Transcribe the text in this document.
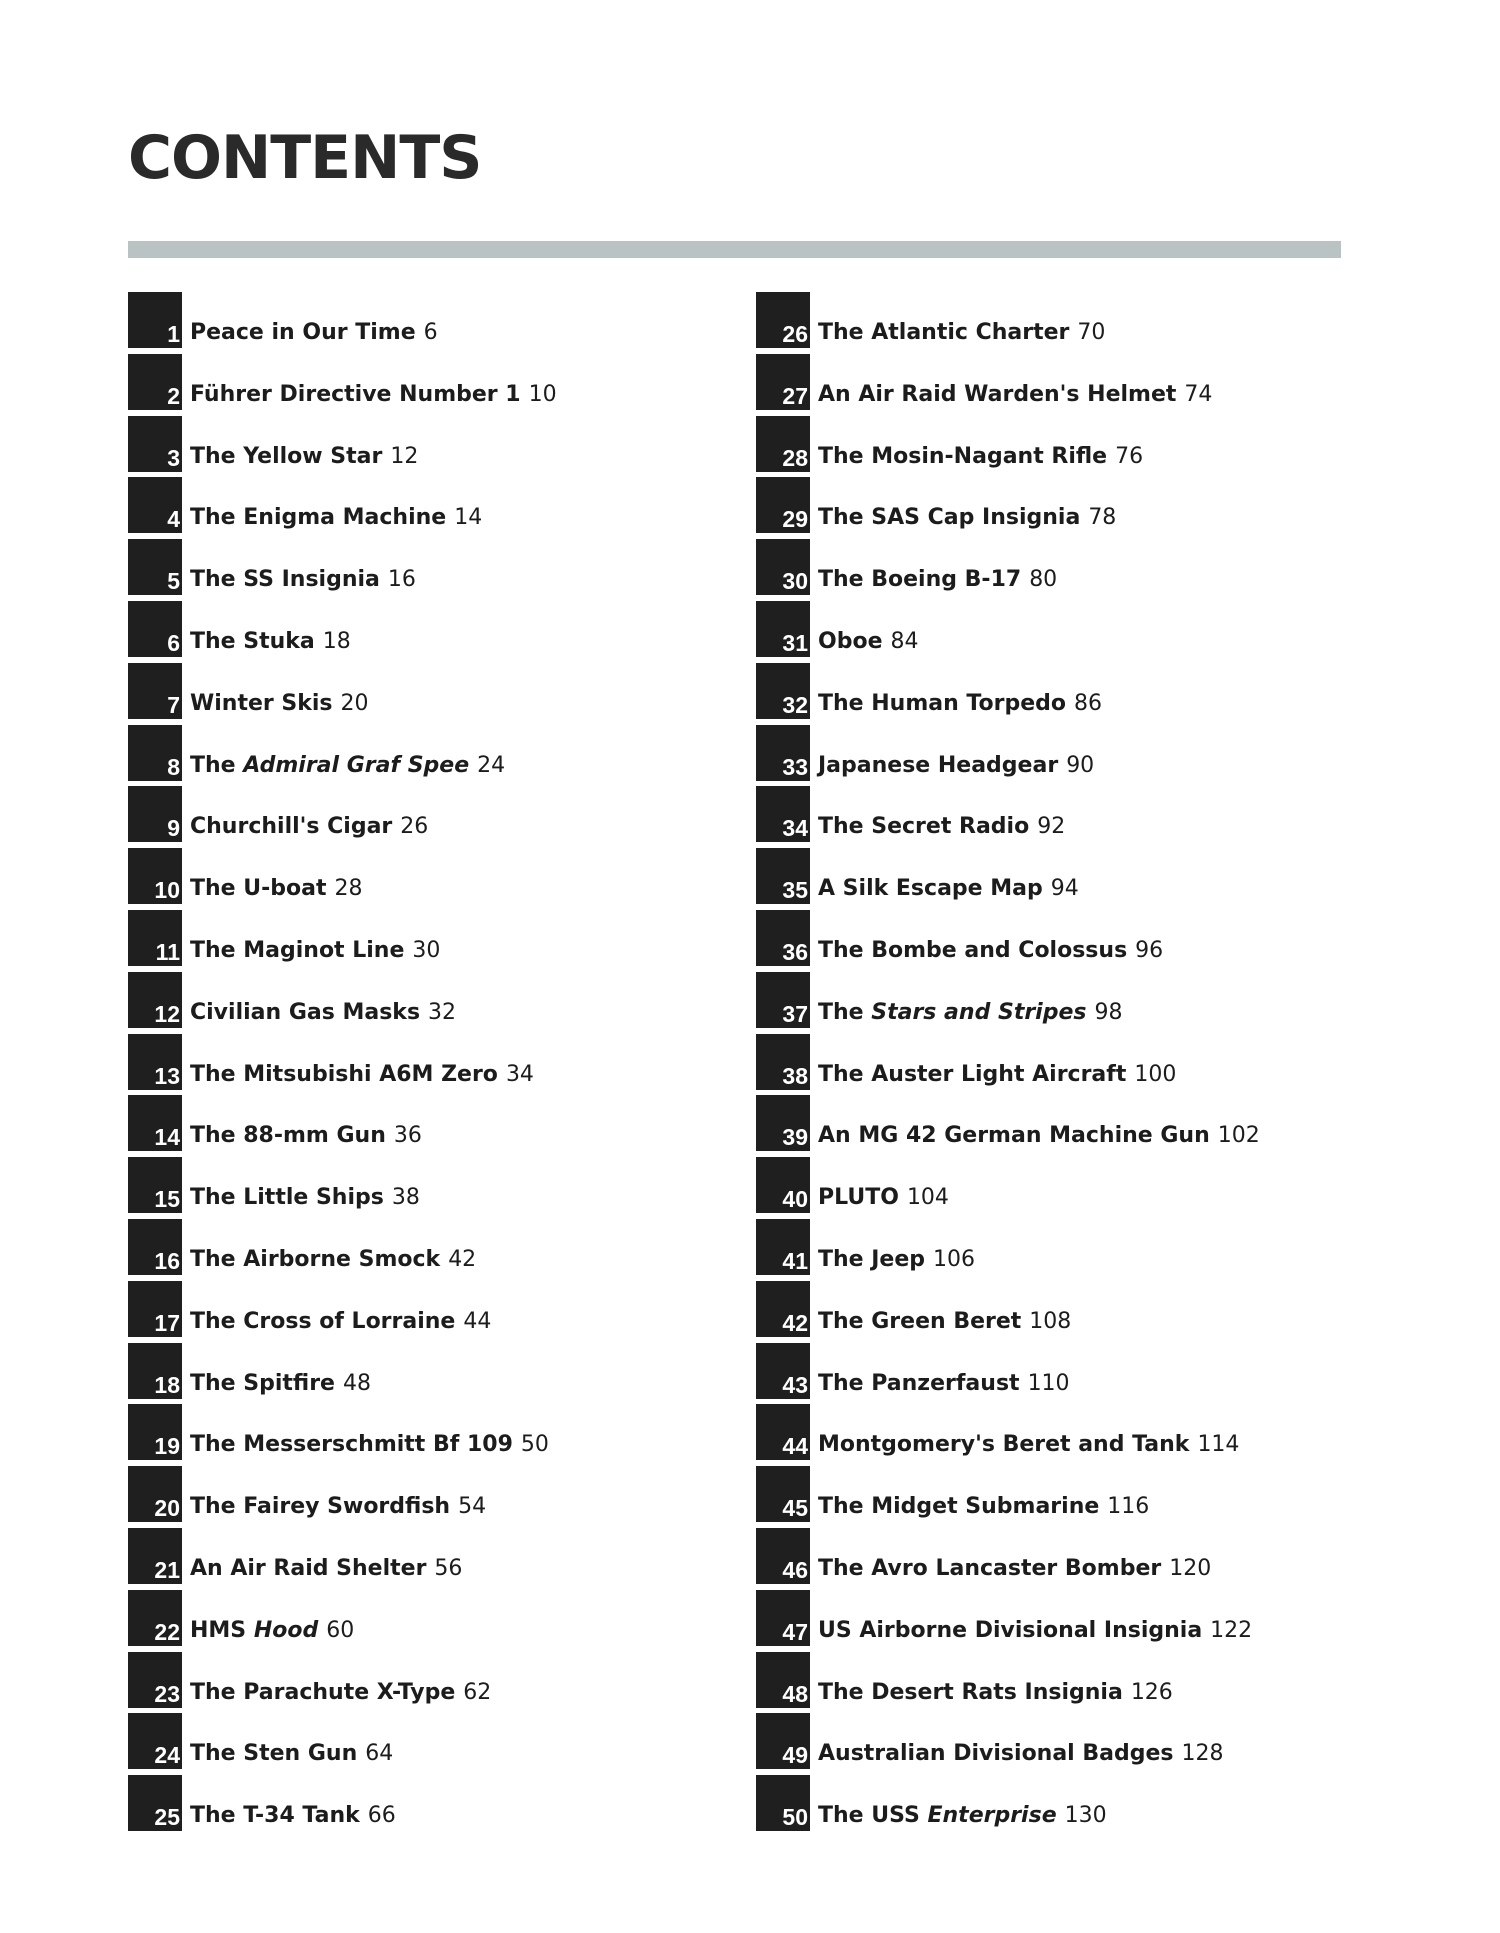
CONTENTS
1 Peace in Our Time 6
2 Führer Directive Number 1 10
3 The Yellow Star 12
4 The Enigma Machine 14
5 The SS Insignia 16
6 The Stuka 18
7 Winter Skis 20
8 The Admiral Graf Spee 24
9 Churchill's Cigar 26
10 The U-boat 28
11 The Maginot Line 30
12 Civilian Gas Masks 32
13 The Mitsubishi A6M Zero 34
14 The 88-mm Gun 36
15 The Little Ships 38
16 The Airborne Smock 42
17 The Cross of Lorraine 44
18 The Spitfire 48
19 The Messerschmitt Bf 109 50
20 The Fairey Swordfish 54
21 An Air Raid Shelter 56
22 HMS Hood 60
23 The Parachute X-Type 62
24 The Sten Gun 64
25 The T-34 Tank 66
26 The Atlantic Charter 70
27 An Air Raid Warden's Helmet 74
28 The Mosin-Nagant Rifle 76
29 The SAS Cap Insignia 78
30 The Boeing B-17 80
31 Oboe 84
32 The Human Torpedo 86
33 Japanese Headgear 90
34 The Secret Radio 92
35 A Silk Escape Map 94
36 The Bombe and Colossus 96
37 The Stars and Stripes 98
38 The Auster Light Aircraft 100
39 An MG 42 German Machine Gun 102
40 PLUTO 104
41 The Jeep 106
42 The Green Beret 108
43 The Panzerfaust 110
44 Montgomery's Beret and Tank 114
45 The Midget Submarine 116
46 The Avro Lancaster Bomber 120
47 US Airborne Divisional Insignia 122
48 The Desert Rats Insignia 126
49 Australian Divisional Badges 128
50 The USS Enterprise 130
